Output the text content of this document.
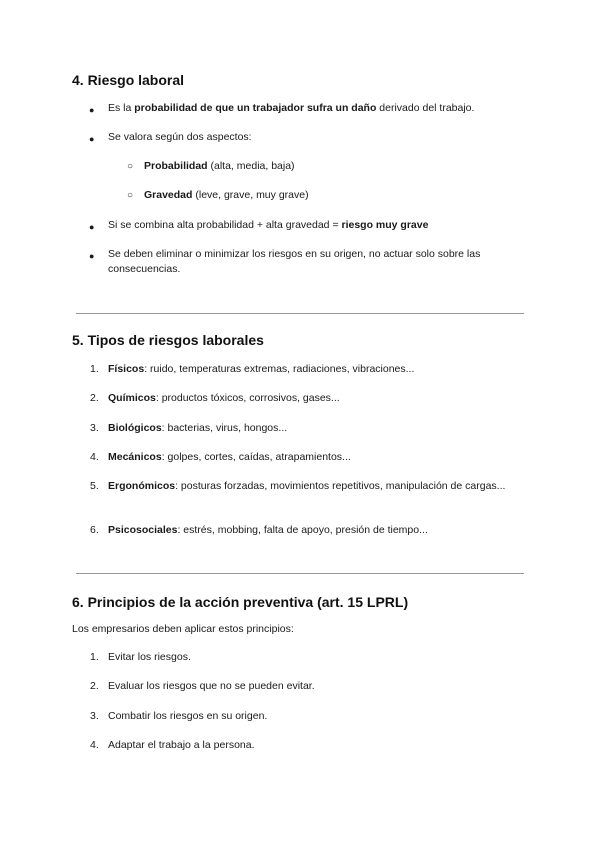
4. Riesgo laboral
● Es la probabilidad de que un trabajador sufra un daño derivado del trabajo.
● Se valora según dos aspectos:
○ Probabilidad (alta, media, baja)
○ Gravedad (leve, grave, muy grave)
● Si se combina alta probabilidad + alta gravedad = riesgo muy grave
● Se deben eliminar o minimizar los riesgos en su origen, no actuar solo sobre las consecuencias.
5. Tipos de riesgos laborales
1. Físicos: ruido, temperaturas extremas, radiaciones, vibraciones...
2. Químicos: productos tóxicos, corrosivos, gases...
3. Biológicos: bacterias, virus, hongos...
4. Mecánicos: golpes, cortes, caídas, atrapamientos...
5. Ergonómicos: posturas forzadas, movimientos repetitivos, manipulación de cargas...
6. Psicosociales: estrés, mobbing, falta de apoyo, presión de tiempo...
6. Principios de la acción preventiva (art. 15 LPRL)
Los empresarios deben aplicar estos principios:
1. Evitar los riesgos.
2. Evaluar los riesgos que no se pueden evitar.
3. Combatir los riesgos en su origen.
4. Adaptar el trabajo a la persona.
